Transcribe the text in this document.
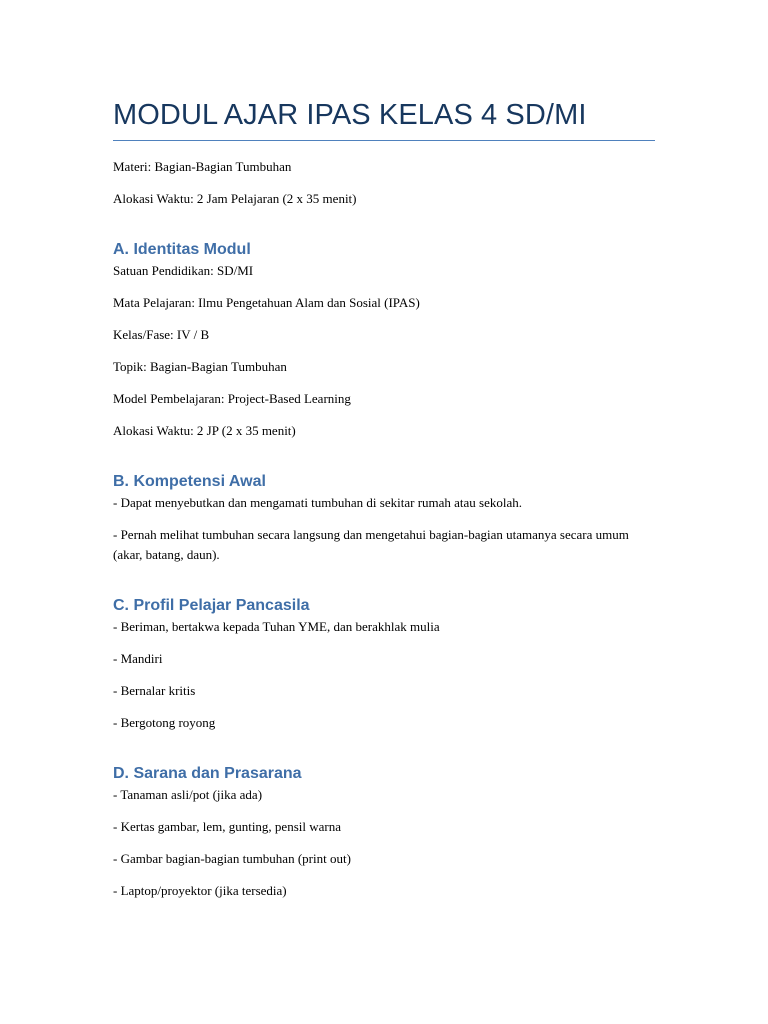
MODUL AJAR IPAS KELAS 4 SD/MI

Materi: Bagian-Bagian Tumbuhan

Alokasi Waktu: 2 Jam Pelajaran (2 x 35 menit)

A. Identitas Modul

Satuan Pendidikan: SD/MI

Mata Pelajaran: Ilmu Pengetahuan Alam dan Sosial (IPAS)

Kelas/Fase: IV / B

Topik: Bagian-Bagian Tumbuhan

Model Pembelajaran: Project-Based Learning

Alokasi Waktu: 2 JP (2 x 35 menit)

B. Kompetensi Awal

- Dapat menyebutkan dan mengamati tumbuhan di sekitar rumah atau sekolah.

- Pernah melihat tumbuhan secara langsung dan mengetahui bagian-bagian utamanya secara umum (akar, batang, daun).

C. Profil Pelajar Pancasila

- Beriman, bertakwa kepada Tuhan YME, dan berakhlak mulia

- Mandiri

- Bernalar kritis

- Bergotong royong

D. Sarana dan Prasarana

- Tanaman asli/pot (jika ada)

- Kertas gambar, lem, gunting, pensil warna

- Gambar bagian-bagian tumbuhan (print out)

- Laptop/proyektor (jika tersedia)
